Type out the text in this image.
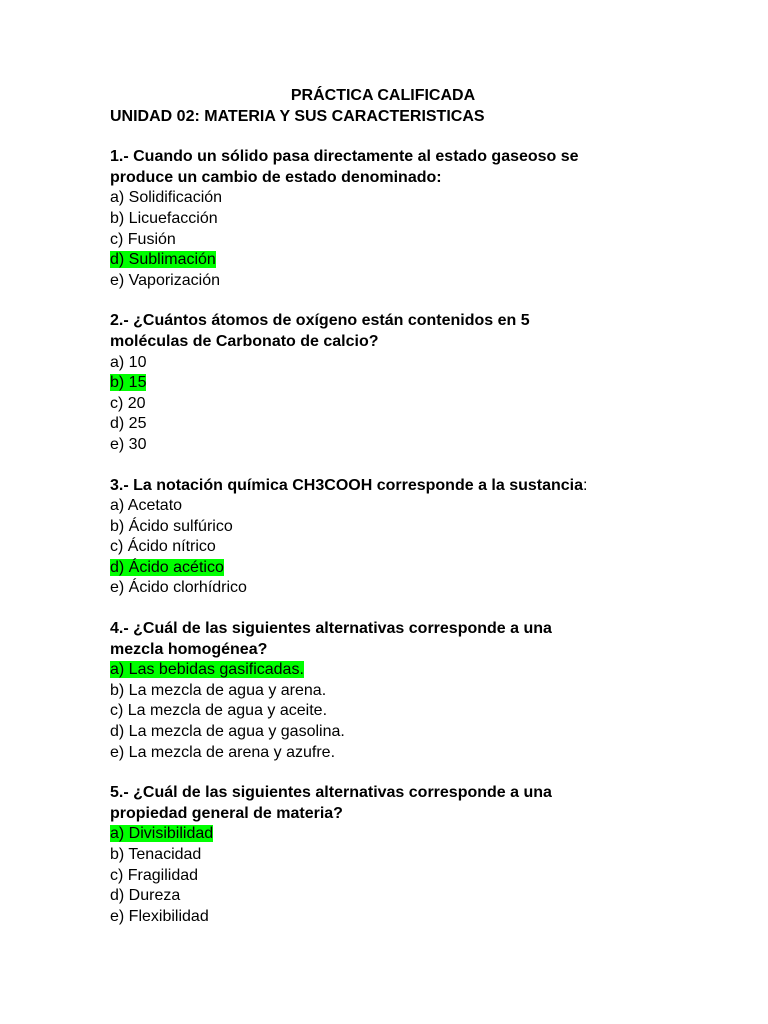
PRÁCTICA CALIFICADA
UNIDAD 02: MATERIA Y SUS CARACTERISTICAS
1.- Cuando un sólido pasa directamente al estado gaseoso se
produce un cambio de estado denominado:
a) Solidificación
b) Licuefacción
c) Fusión
d) Sublimación
e) Vaporización
2.- ¿Cuántos átomos de oxígeno están contenidos en 5
moléculas de Carbonato de calcio?
a) 10
b) 15
c) 20
d) 25
e) 30
3.- La notación química CH3COOH corresponde a la sustancia:
a) Acetato
b) Ácido sulfúrico
c) Ácido nítrico
d) Ácido acético
e) Ácido clorhídrico
4.- ¿Cuál de las siguientes alternativas corresponde a una
mezcla homogénea?
a) Las bebidas gasificadas.
b) La mezcla de agua y arena.
c) La mezcla de agua y aceite.
d) La mezcla de agua y gasolina.
e) La mezcla de arena y azufre.
5.- ¿Cuál de las siguientes alternativas corresponde a una
propiedad general de materia?
a) Divisibilidad
b) Tenacidad
c) Fragilidad
d) Dureza
e) Flexibilidad
